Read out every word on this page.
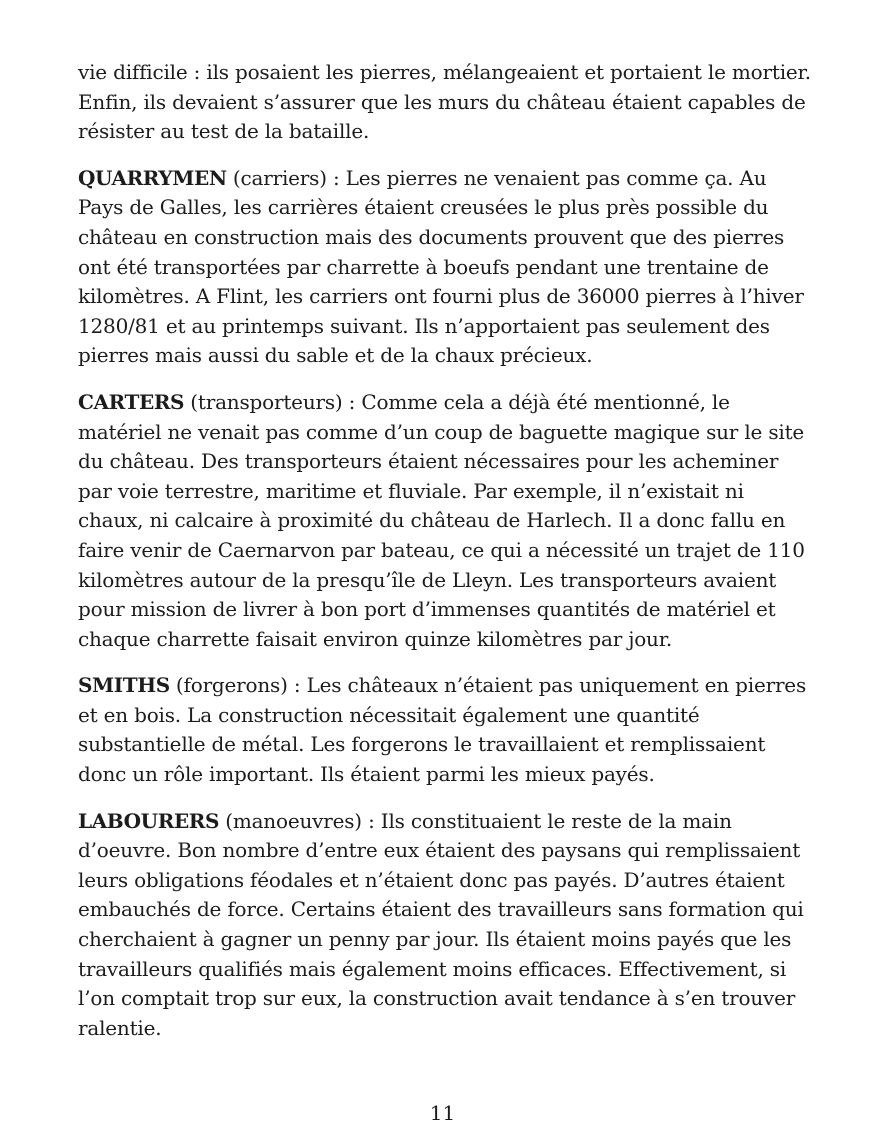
vie difficile : ils posaient les pierres, mélangeaient et portaient le mortier.
Enfin, ils devaient s’assurer que les murs du château étaient capables de
résister au test de la bataille.

QUARRYMEN (carriers) : Les pierres ne venaient pas comme ça. Au
Pays de Galles, les carrières étaient creusées le plus près possible du
château en construction mais des documents prouvent que des pierres
ont été transportées par charrette à boeufs pendant une trentaine de
kilomètres. A Flint, les carriers ont fourni plus de 36000 pierres à l’hiver
1280/81 et au printemps suivant. Ils n’apportaient pas seulement des
pierres mais aussi du sable et de la chaux précieux.

CARTERS (transporteurs) : Comme cela a déjà été mentionné, le
matériel ne venait pas comme d’un coup de baguette magique sur le site
du château. Des transporteurs étaient nécessaires pour les acheminer
par voie terrestre, maritime et fluviale. Par exemple, il n’existait ni
chaux, ni calcaire à proximité du château de Harlech. Il a donc fallu en
faire venir de Caernarvon par bateau, ce qui a nécessité un trajet de 110
kilomètres autour de la presqu’île de Lleyn. Les transporteurs avaient
pour mission de livrer à bon port d’immenses quantités de matériel et
chaque charrette faisait environ quinze kilomètres par jour.

SMITHS (forgerons) : Les châteaux n’étaient pas uniquement en pierres
et en bois. La construction nécessitait également une quantité
substantielle de métal. Les forgerons le travaillaient et remplissaient
donc un rôle important. Ils étaient parmi les mieux payés.

LABOURERS (manoeuvres) : Ils constituaient le reste de la main
d’oeuvre. Bon nombre d’entre eux étaient des paysans qui remplissaient
leurs obligations féodales et n’étaient donc pas payés. D’autres étaient
embauchés de force. Certains étaient des travailleurs sans formation qui
cherchaient à gagner un penny par jour. Ils étaient moins payés que les
travailleurs qualifiés mais également moins efficaces. Effectivement, si
l’on comptait trop sur eux, la construction avait tendance à s’en trouver
ralentie.

11
